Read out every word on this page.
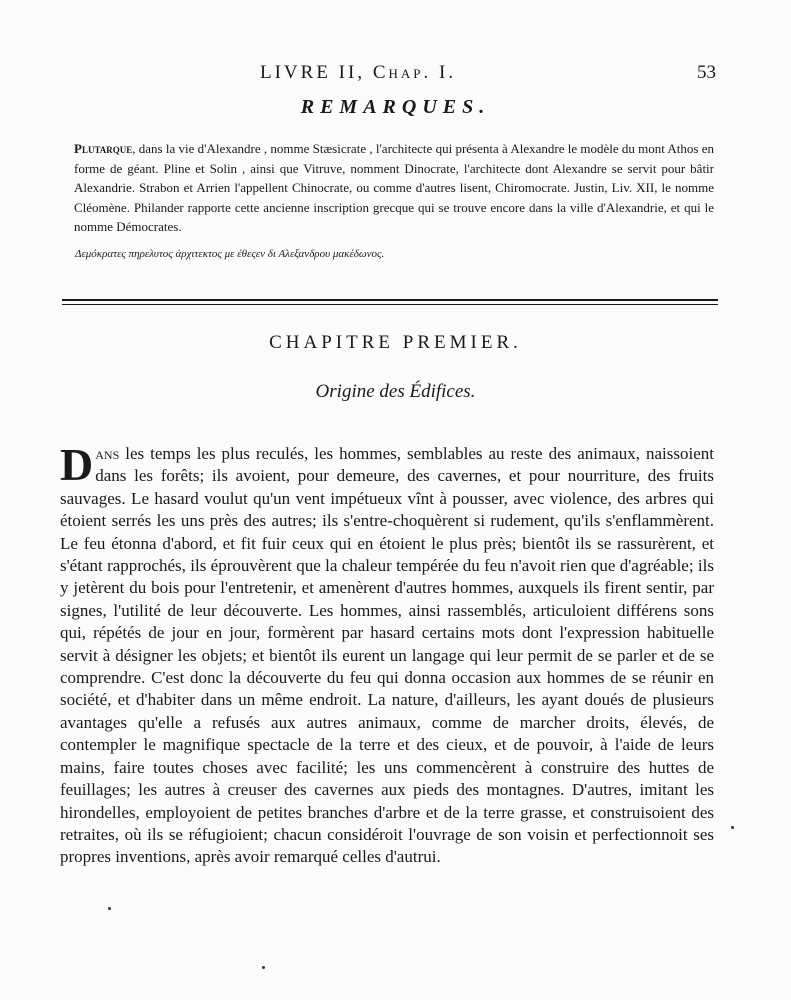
LIVRE II, Chap. I.	53
REMARQUES.

Plutarque, dans la vie d'Alexandre , nomme Stæsicrate , l'architecte qui présenta à Alexandre le modèle du mont Athos en forme de géant. Pline et Solin , ainsi que Vitruve, nomment Dinocrate, l'architecte dont Alexandre se servit pour bâtir Alexandrie. Strabon et Arrien l'appellent Chinocrate, ou comme d'autres lisent, Chiromocrate. Justin, Liv. XII, le nomme Cléomène. Philander rapporte cette ancienne inscription grecque qui se trouve encore dans la ville d'Alexandrie, et qui le nomme Démocrates.

Δεμόκρατες πηρελυτος ἀρχιτεκτος με ἐθεςεν δι Αλεξανδρου μακέδωνος.
CHAPITRE PREMIER.
Origine des Édifices.

Dans les temps les plus reculés, les hommes, semblables au reste des animaux, naissoient dans les forêts; ils avoient, pour demeure, des cavernes, et pour nourriture, des fruits sauvages. Le hasard voulut qu'un vent impétueux vînt à pousser, avec violence, des arbres qui étoient serrés les uns près des autres; ils s'entre-choquèrent si rudement, qu'ils s'enflammèrent. Le feu étonna d'abord, et fit fuir ceux qui en étoient le plus près; bientôt ils se rassurèrent, et s'étant rapprochés, ils éprouvèrent que la chaleur tempérée du feu n'avoit rien que d'agréable; ils y jetèrent du bois pour l'entretenir, et amenèrent d'autres hommes, auxquels ils firent sentir, par signes, l'utilité de leur découverte. Les hommes, ainsi rassemblés, articuloient différens sons qui, répétés de jour en jour, formèrent par hasard certains mots dont l'expression habituelle servit à désigner les objets; et bientôt ils eurent un langage qui leur permit de se parler et de se comprendre. C'est donc la découverte du feu qui donna occasion aux hommes de se réunir en société, et d'habiter dans un même endroit. La nature, d'ailleurs, les ayant doués de plusieurs avantages qu'elle a refusés aux autres animaux, comme de marcher droits, élevés, de contempler le magnifique spectacle de la terre et des cieux, et de pouvoir, à l'aide de leurs mains, faire toutes choses avec facilité; les uns commencèrent à construire des huttes de feuillages; les autres à creuser des cavernes aux pieds des montagnes. D'autres, imitant les hirondelles, employoient de petites branches d'arbre et de la terre grasse, et construisoient des retraites, où ils se réfugioient; chacun considéroit l'ouvrage de son voisin et perfectionnoit ses propres inventions, après avoir remarqué celles d'autrui.
